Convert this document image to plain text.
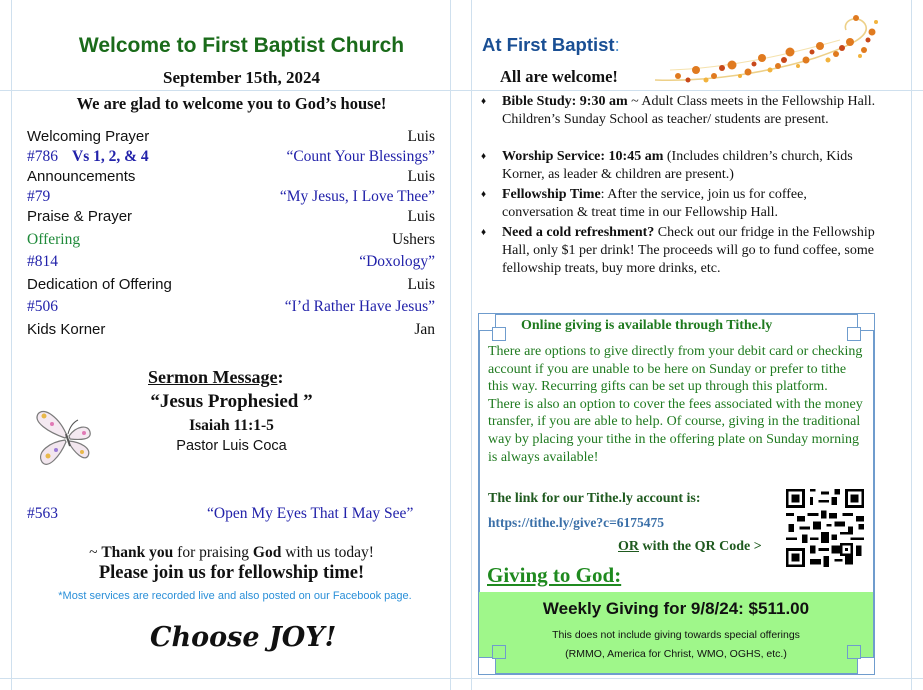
Welcome to First Baptist Church
September 15th, 2024
We are glad to welcome you to God’s house!
Welcoming Prayer	Luis
#786 Vs 1, 2, & 4	“Count Your Blessings”
Announcements	Luis
#79	“My Jesus, I Love Thee”
Praise & Prayer	Luis
Offering	Ushers
#814	“Doxology”
Dedication of Offering	Luis
#506	“I’d Rather Have Jesus”
Kids Korner	Jan
Sermon Message:
“Jesus Prophesied ”
Isaiah 11:1-5
Pastor Luis Coca
#563	“Open My Eyes That I May See”
~ Thank you for praising God with us today!
Please join us for fellowship time!
*Most services are recorded live and also posted on our Facebook page.
Choose JOY!
At First Baptist:
All are welcome!
♦ Bible Study: 9:30 am ~ Adult Class meets in the Fellowship Hall. Children’s Sunday School as teacher/ students are present.
♦ Worship Service: 10:45 am (Includes children’s church, Kids Korner, as leader & children are present.)
♦ Fellowship Time: After the service, join us for coffee, conversation & treat time in our Fellowship Hall.
♦ Need a cold refreshment? Check out our fridge in the Fellowship Hall, only $1 per drink! The proceeds will go to fund coffee, some fellowship treats, buy more drinks, etc.
Online giving is available through Tithe.ly
There are options to give directly from your debit card or checking account if you are unable to be here on Sunday or prefer to tithe this way. Recurring gifts can be set up through this platform. There is also an option to cover the fees associated with the money transfer, if you are able to help. Of course, giving in the traditional way by placing your tithe in the offering plate on Sunday morning is always available!
The link for our Tithe.ly account is:
https://tithe.ly/give?c=6175475
OR with the QR Code >
Giving to God:
Weekly Giving for 9/8/24: $511.00
This does not include giving towards special offerings
(RMMO, America for Christ, WMO, OGHS, etc.)
